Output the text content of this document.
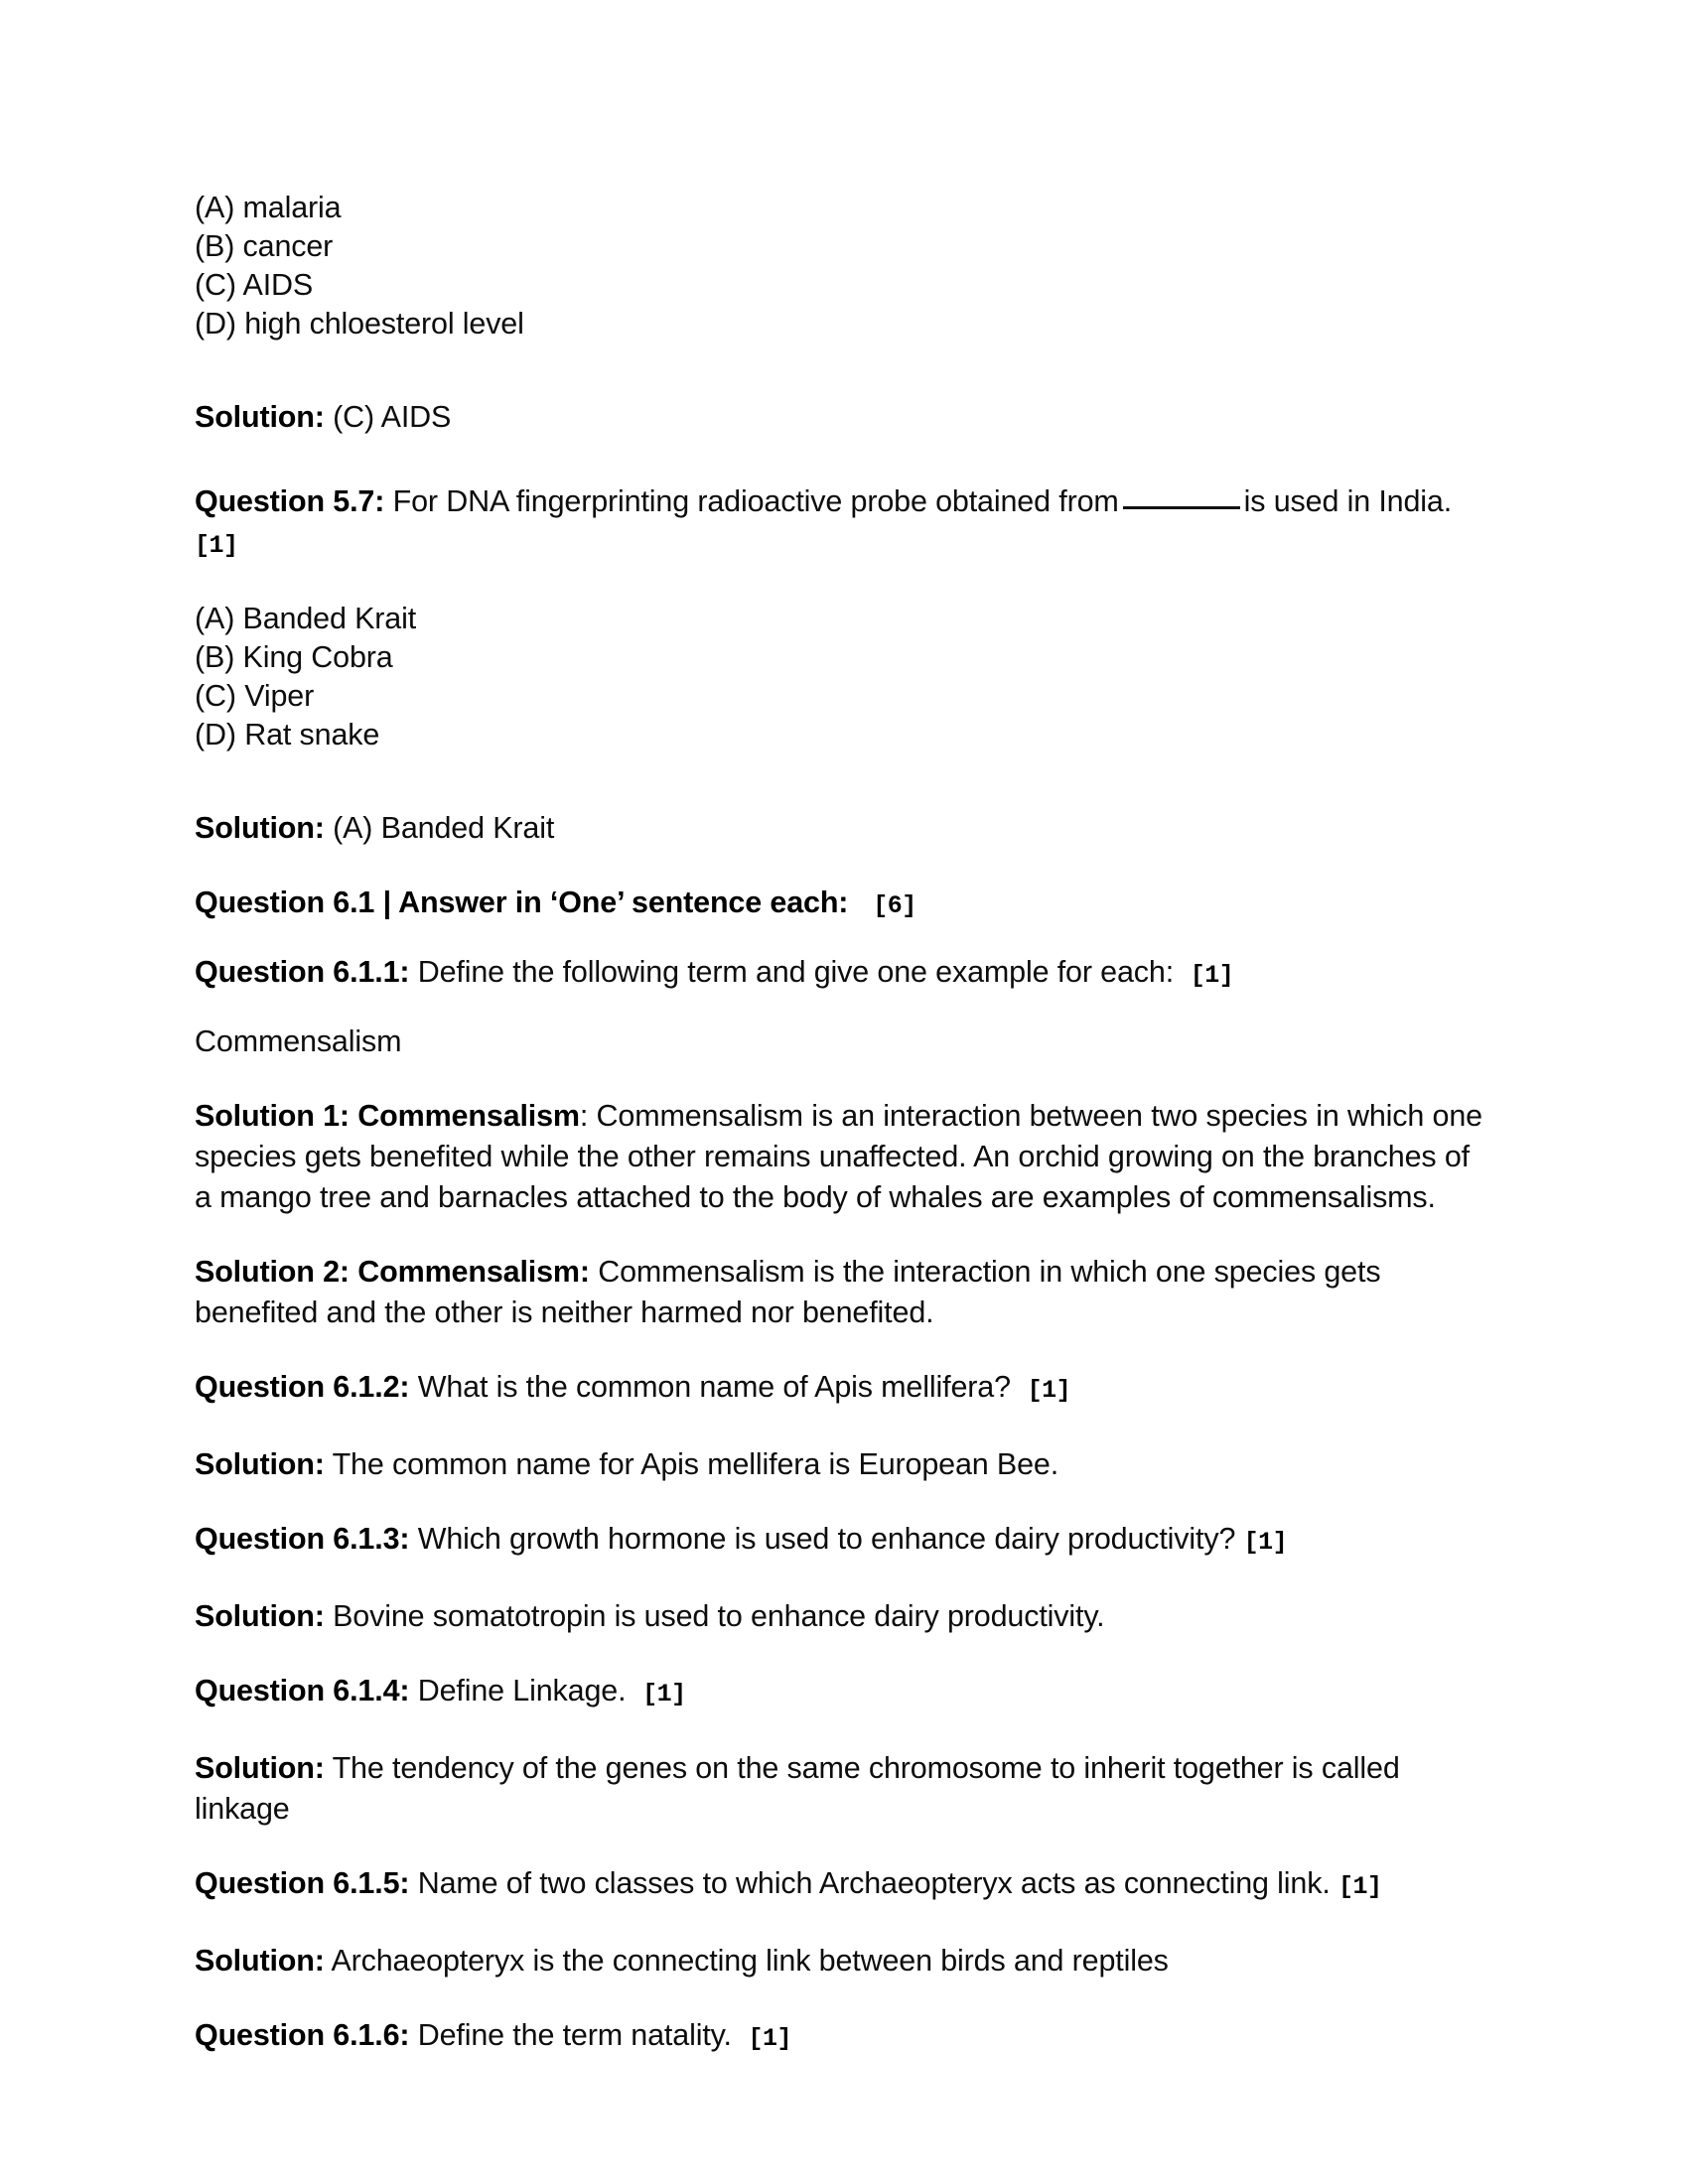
(A) malaria
(B) cancer
(C) AIDS
(D) high chloesterol level

Solution: (C) AIDS

Question 5.7: For DNA fingerprinting radioactive probe obtained from	is used in India. [1]

(A) Banded Krait
(B) King Cobra
(C) Viper
(D) Rat snake

Solution: (A) Banded Krait

Question 6.1 | Answer in ‘One’ sentence each: [6]

Question 6.1.1: Define the following term and give one example for each: [1]

Commensalism

Solution 1: Commensalism: Commensalism is an interaction between two species in which one species gets benefited while the other remains unaffected. An orchid growing on the branches of a mango tree and barnacles attached to the body of whales are examples of commensalisms.

Solution 2: Commensalism: Commensalism is the interaction in which one species gets benefited and the other is neither harmed nor benefited.

Question 6.1.2: What is the common name of Apis mellifera? [1]

Solution: The common name for Apis mellifera is European Bee.

Question 6.1.3: Which growth hormone is used to enhance dairy productivity? [1]

Solution: Bovine somatotropin is used to enhance dairy productivity.

Question 6.1.4: Define Linkage. [1]

Solution: The tendency of the genes on the same chromosome to inherit together is called linkage

Question 6.1.5: Name of two classes to which Archaeopteryx acts as connecting link. [1]

Solution: Archaeopteryx is the connecting link between birds and reptiles

Question 6.1.6: Define the term natality. [1]
